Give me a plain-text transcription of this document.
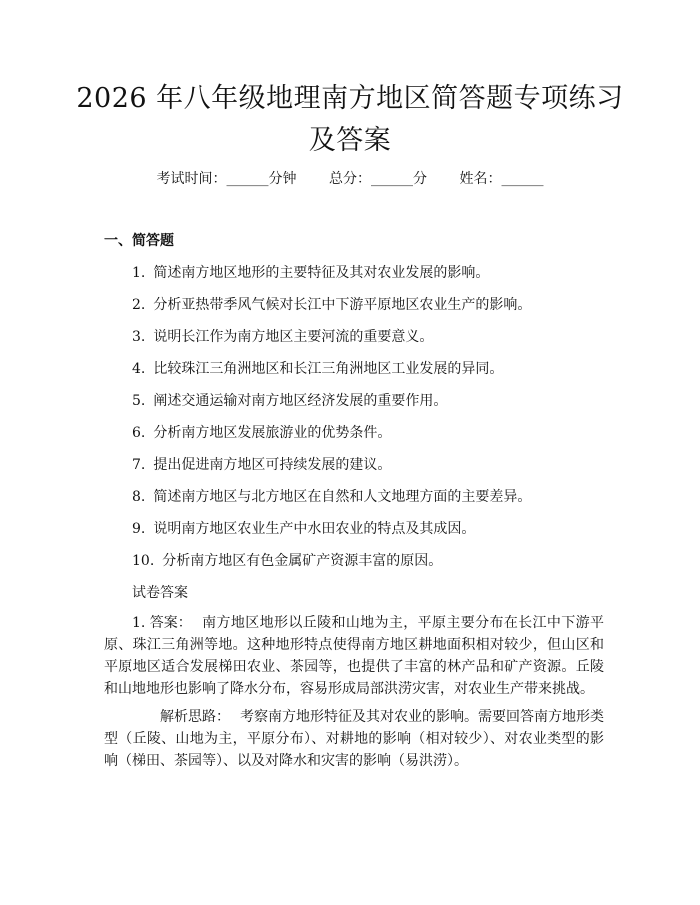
2026 年八年级地理南方地区简答题专项练习
及答案
考试时间：______分钟 总分：______分 姓名：______
一、简答题
1. 简述南方地区地形的主要特征及其对农业发展的影响。
2. 分析亚热带季风气候对长江中下游平原地区农业生产的影响。
3. 说明长江作为南方地区主要河流的重要意义。
4. 比较珠江三角洲地区和长江三角洲地区工业发展的异同。
5. 阐述交通运输对南方地区经济发展的重要作用。
6. 分析南方地区发展旅游业的优势条件。
7. 提出促进南方地区可持续发展的建议。
8. 简述南方地区与北方地区在自然和人文地理方面的主要差异。
9. 说明南方地区农业生产中水田农业的特点及其成因。
10. 分析南方地区有色金属矿产资源丰富的原因。
试卷答案
1. 答案： 南方地区地形以丘陵和山地为主，平原主要分布在长江中下游平原、珠江三角洲等地。这种地形特点使得南方地区耕地面积相对较少，但山区和平原地区适合发展梯田农业、茶园等，也提供了丰富的林产品和矿产资源。丘陵和山地地形也影响了降水分布，容易形成局部洪涝灾害，对农业生产带来挑战。
解析思路： 考察南方地形特征及其对农业的影响。需要回答南方地形类型（丘陵、山地为主，平原分布）、对耕地的影响（相对较少）、对农业类型的影响（梯田、茶园等）、以及对降水和灾害的影响（易洪涝）。
